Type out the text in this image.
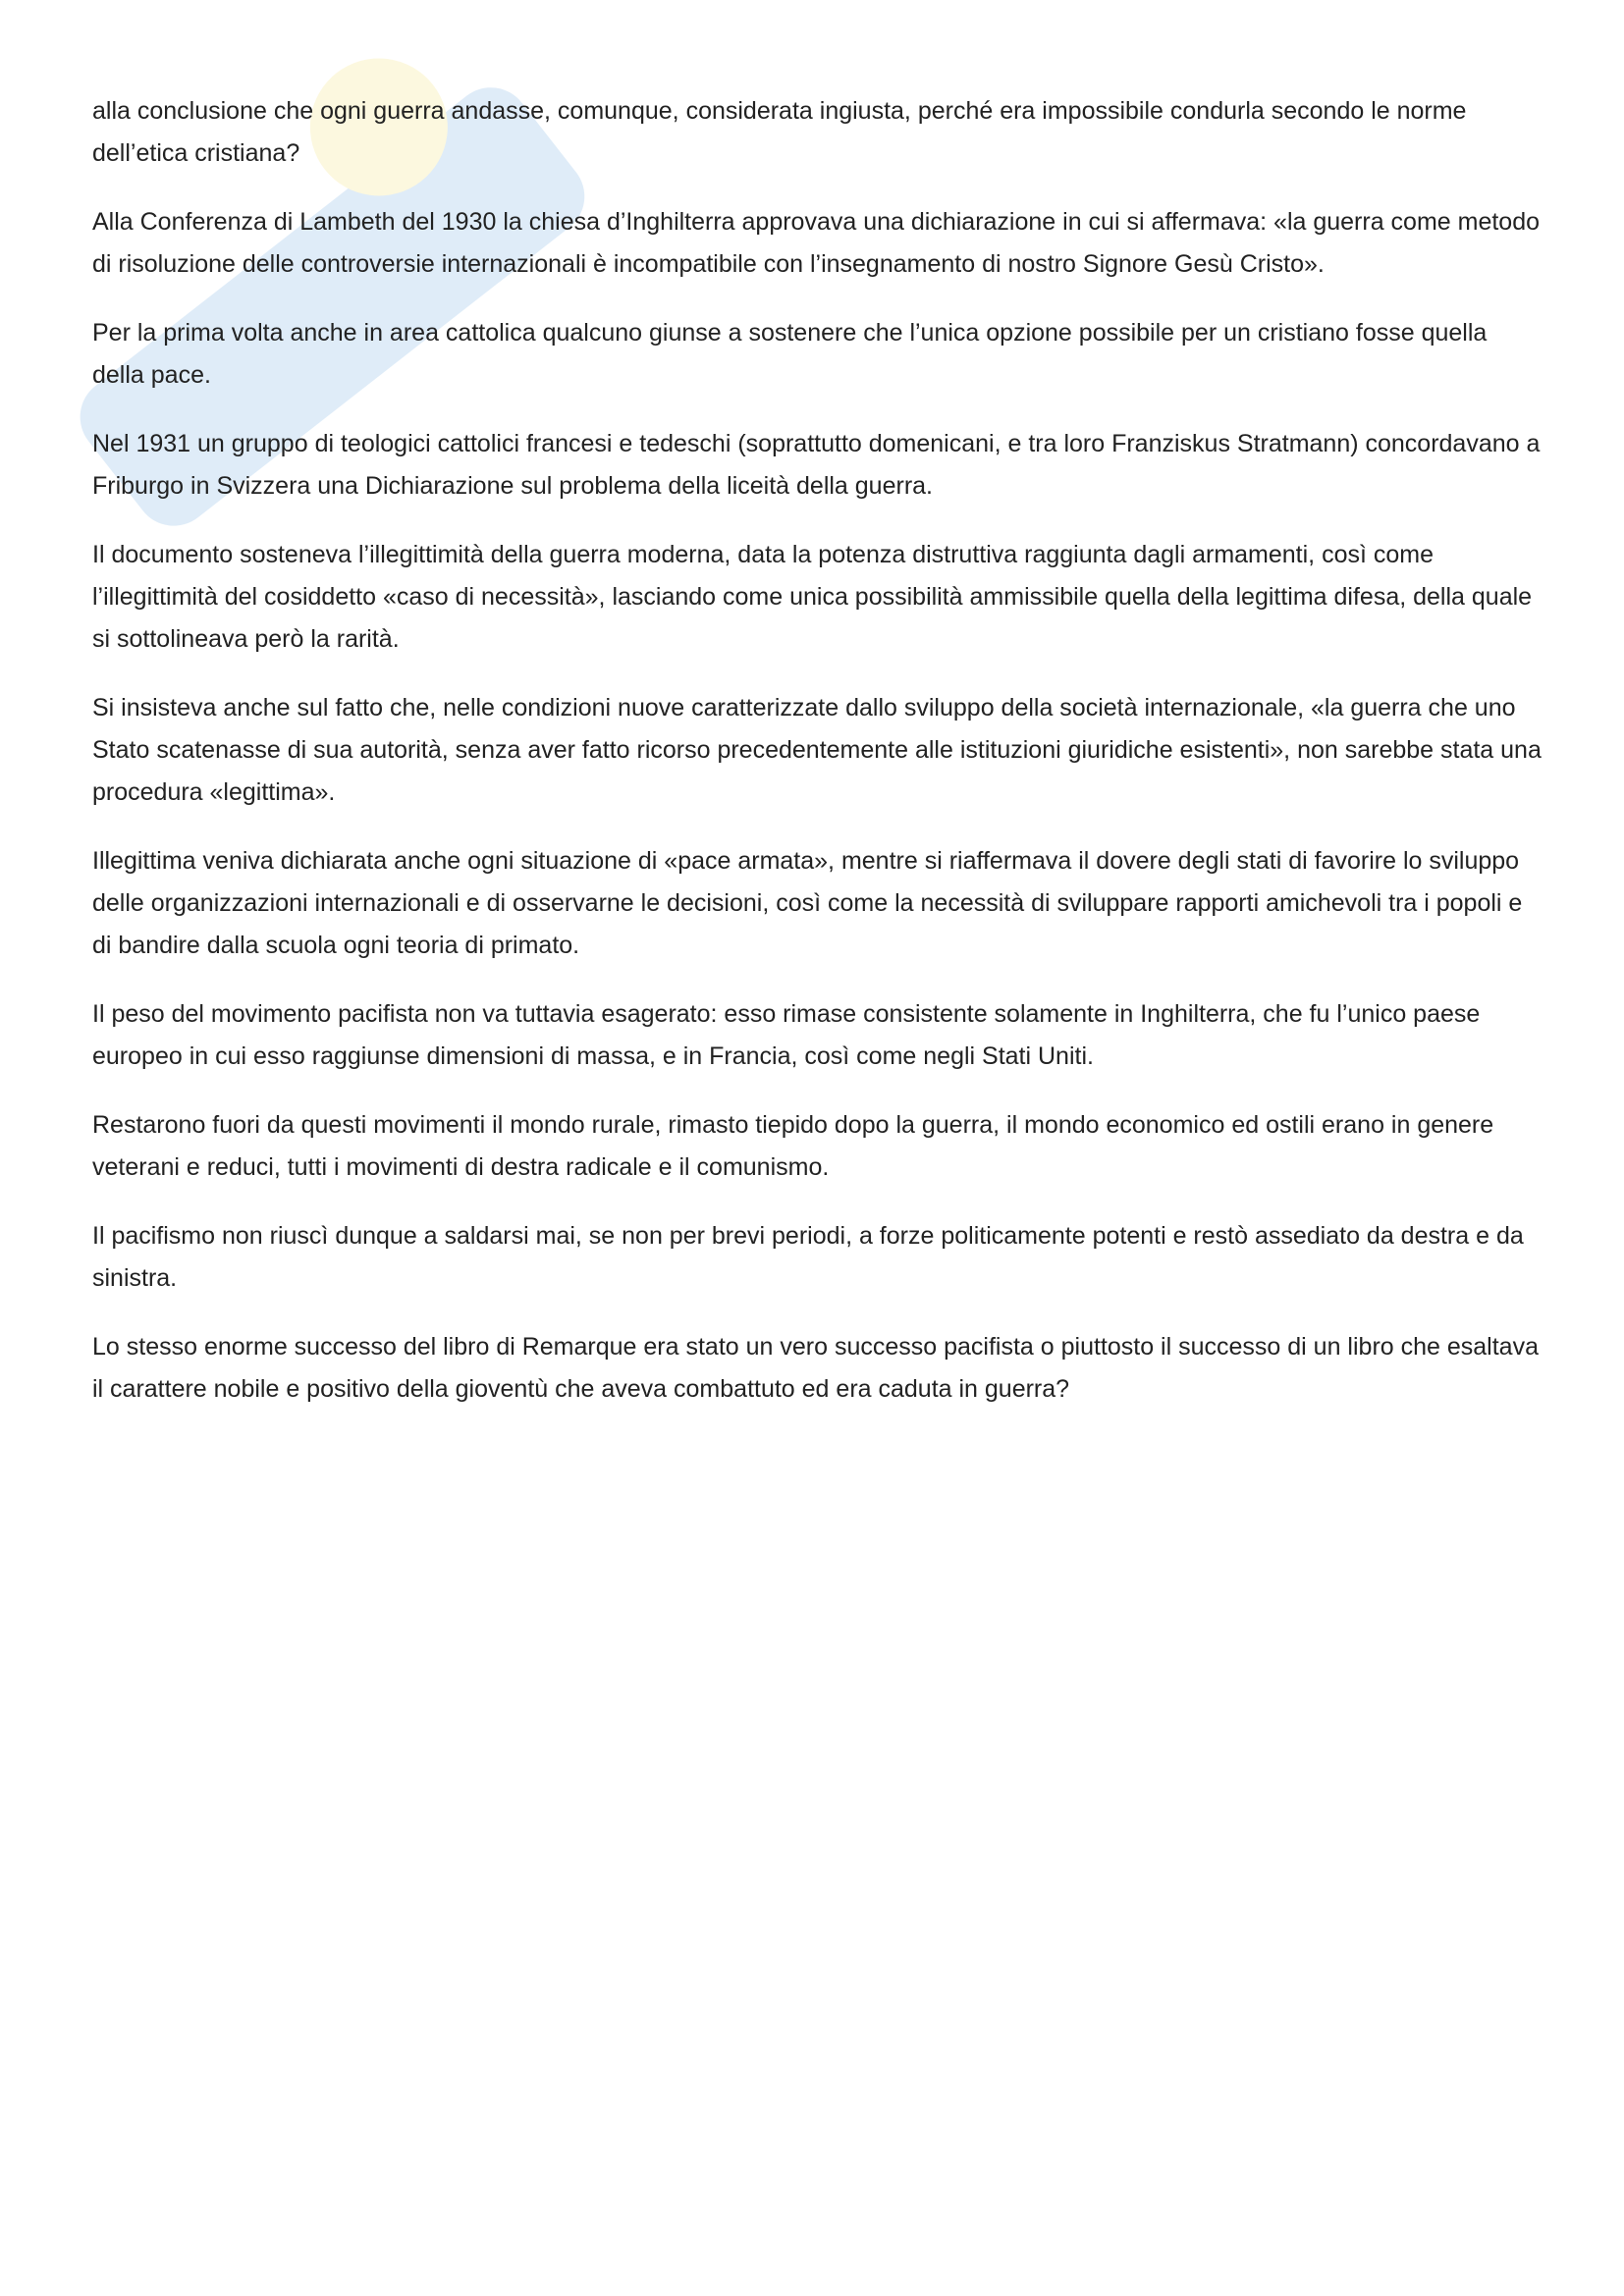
alla conclusione che ogni guerra andasse, comunque, considerata ingiusta, perché era impossibile condurla secondo le norme dell’etica cristiana?

Alla Conferenza di Lambeth del 1930 la chiesa d’Inghilterra approvava una dichiarazione in cui si affermava: «la guerra come metodo di risoluzione delle controversie internazionali è incompatibile con l’insegnamento di nostro Signore Gesù Cristo».

Per la prima volta anche in area cattolica qualcuno giunse a sostenere che l’unica opzione possibile per un cristiano fosse quella della pace.

Nel 1931 un gruppo di teologici cattolici francesi e tedeschi (soprattutto domenicani, e tra loro Franziskus Stratmann) concordavano a Friburgo in Svizzera una Dichiarazione sul problema della liceità della guerra.

Il documento sosteneva l’illegittimità della guerra moderna, data la potenza distruttiva raggiunta dagli armamenti, così come l’illegittimità del cosiddetto «caso di necessità», lasciando come unica possibilità ammissibile quella della legittima difesa, della quale si sottolineava però la rarità.

Si insisteva anche sul fatto che, nelle condizioni nuove caratterizzate dallo sviluppo della società internazionale, «la guerra che uno Stato scatenasse di sua autorità, senza aver fatto ricorso precedentemente alle istituzioni giuridiche esistenti», non sarebbe stata una procedura «legittima».

Illegittima veniva dichiarata anche ogni situazione di «pace armata», mentre si riaffermava il dovere degli stati di favorire lo sviluppo delle organizzazioni internazionali e di osservarne le decisioni, così come la necessità di sviluppare rapporti amichevoli tra i popoli e di bandire dalla scuola ogni teoria di primato.

Il peso del movimento pacifista non va tuttavia esagerato: esso rimase consistente solamente in Inghilterra, che fu l’unico paese europeo in cui esso raggiunse dimensioni di massa, e in Francia, così come negli Stati Uniti.

Restarono fuori da questi movimenti il mondo rurale, rimasto tiepido dopo la guerra, il mondo economico ed ostili erano in genere veterani e reduci, tutti i movimenti di destra radicale e il comunismo.

Il pacifismo non riuscì dunque a saldarsi mai, se non per brevi periodi, a forze politicamente potenti e restò assediato da destra e da sinistra.

Lo stesso enorme successo del libro di Remarque era stato un vero successo pacifista o piuttosto il successo di un libro che esaltava il carattere nobile e positivo della gioventù che aveva combattuto ed era caduta in guerra?
